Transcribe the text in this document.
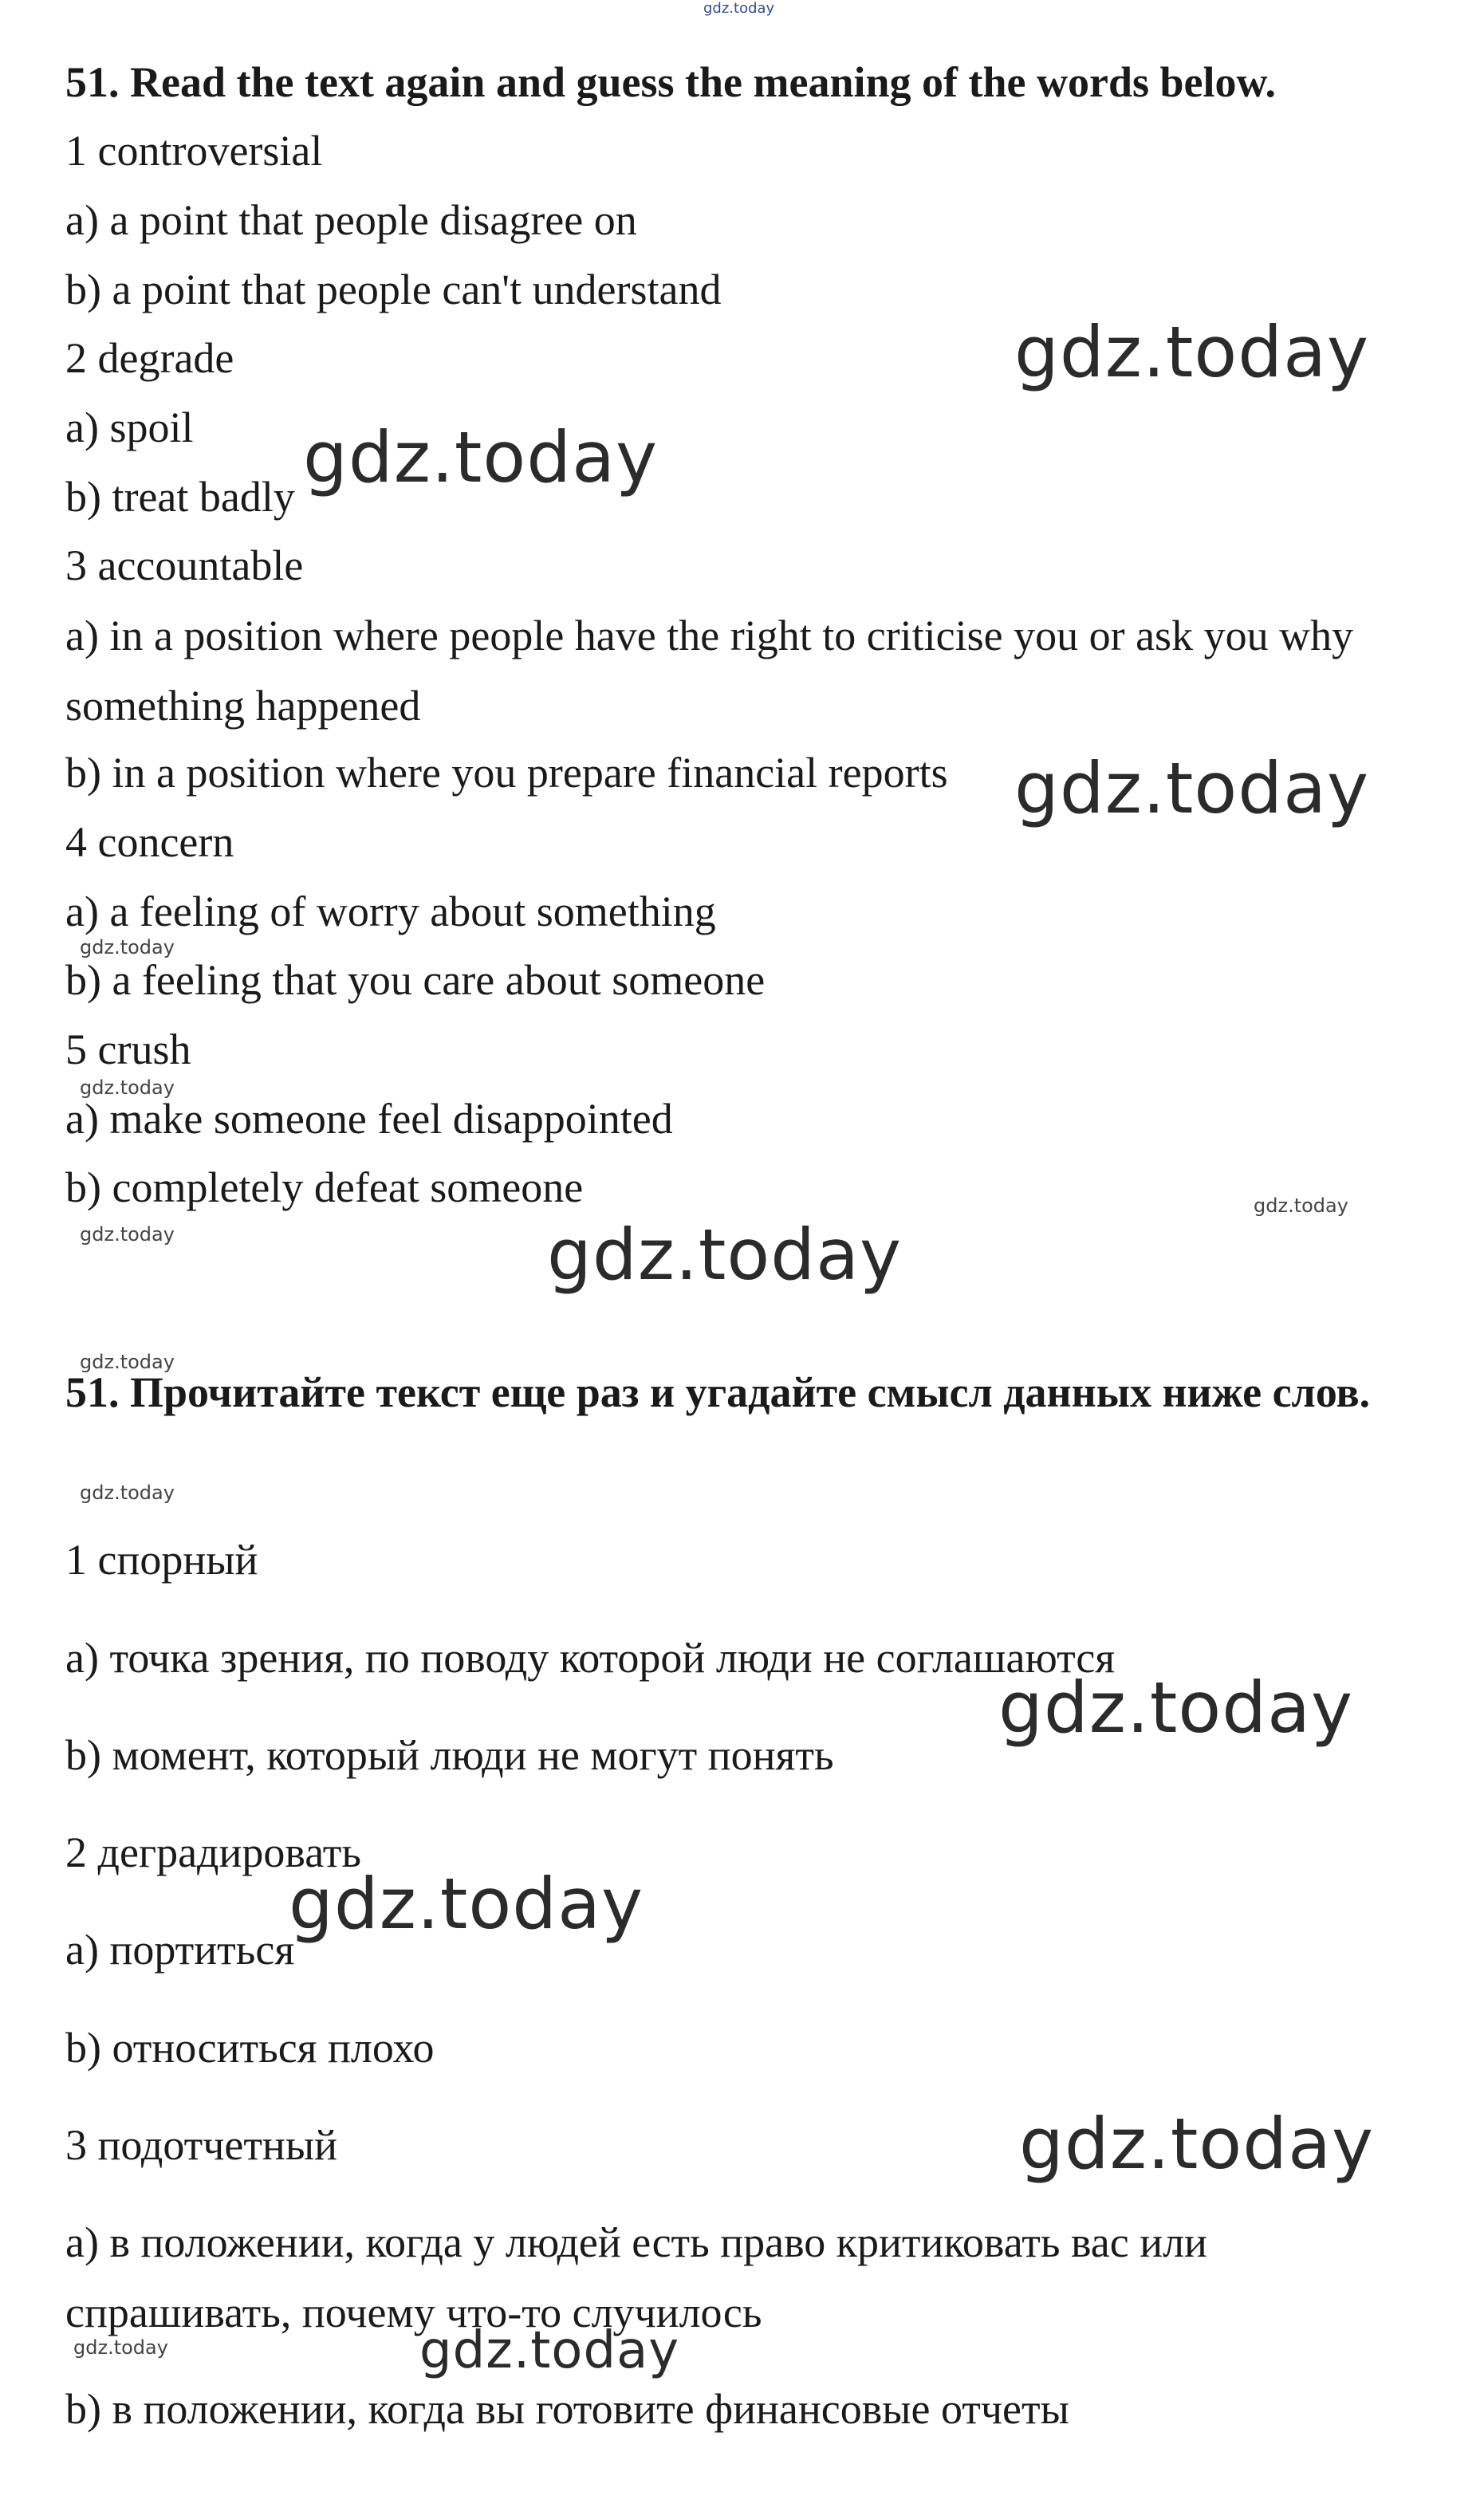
51. Read the text again and guess the meaning of the words below.

1 controversial

a) a point that people disagree on

b) a point that people can't understand

2 degrade

a) spoil

b) treat badly

3 accountable

a) in a position where people have the right to criticise you or ask you why something happened

b) in a position where you prepare financial reports

4 concern

a) a feeling of worry about something

b) a feeling that you care about someone

5 crush

a) make someone feel disappointed

b) completely defeat someone

51. Прочитайте текст еще раз и угадайте смысл данных ниже слов.

1 спорный

a) точка зрения, по поводу которой люди не соглашаются

b) момент, который люди не могут понять

2 деградировать

a) портиться

b) относиться плохо

3 подотчетный

a) в положении, когда у людей есть право критиковать вас или спрашивать, почему что-то случилось

b) в положении, когда вы готовите финансовые отчеты

gdz.today
gdz.today
gdz.today
gdz.today
gdz.today
gdz.today
gdz.today
gdz.today	gdz.today
gdz.today
gdz.today
gdz.today
gdz.today
gdz.today
gdz.today	gdz.today
